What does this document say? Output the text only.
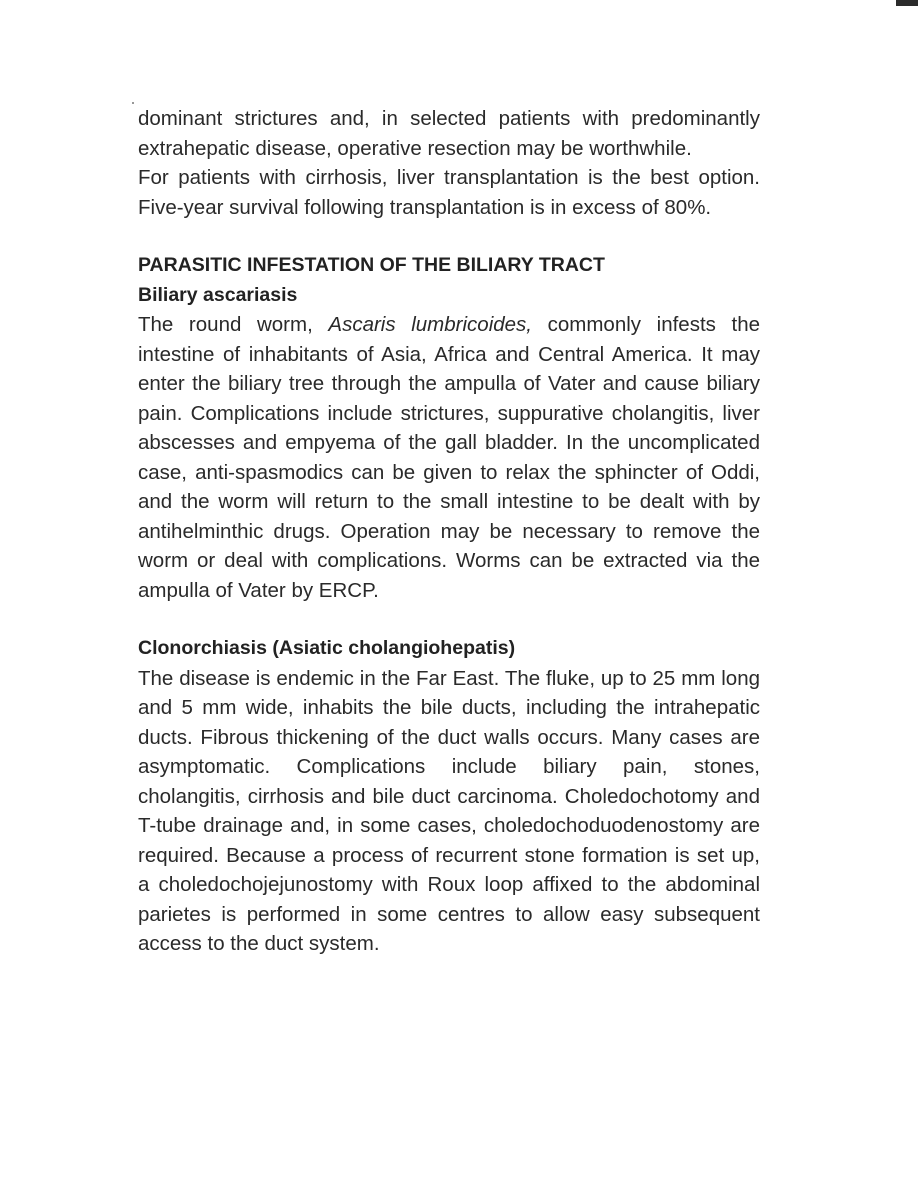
dominant strictures and, in selected patients with predominantly extrahepatic disease, operative resection may be worthwhile.

For patients with cirrhosis, liver transplantation is the best option. Five-year survival following transplantation is in excess of 80%.

PARASITIC INFESTATION OF THE BILIARY TRACT
Biliary ascariasis

The round worm, Ascaris lumbricoides, commonly infests the intestine of inhabitants of Asia, Africa and Central America. It may enter the biliary tree through the ampulla of Vater and cause biliary pain. Complications include strictures, suppurative cholangitis, liver abscesses and empyema of the gall bladder. In the uncomplicated case, anti-spasmodics can be given to relax the sphincter of Oddi, and the worm will return to the small intestine to be dealt with by antihelminthic drugs. Operation may be necessary to remove the worm or deal with complications. Worms can be extracted via the ampulla of Vater by ERCP.

Clonorchiasis (Asiatic cholangiohepatis)

The disease is endemic in the Far East. The fluke, up to 25 mm long and 5 mm wide, inhabits the bile ducts, including the intrahepatic ducts. Fibrous thickening of the duct walls occurs. Many cases are asymptomatic. Complications include biliary pain, stones, cholangitis, cirrhosis and bile duct carcinoma. Choledochotomy and T-tube drainage and, in some cases, choledochoduodenostomy are required. Because a process of recurrent stone formation is set up, a choledochojejunostomy with Roux loop affixed to the abdominal parietes is performed in some centres to allow easy subsequent access to the duct system.
